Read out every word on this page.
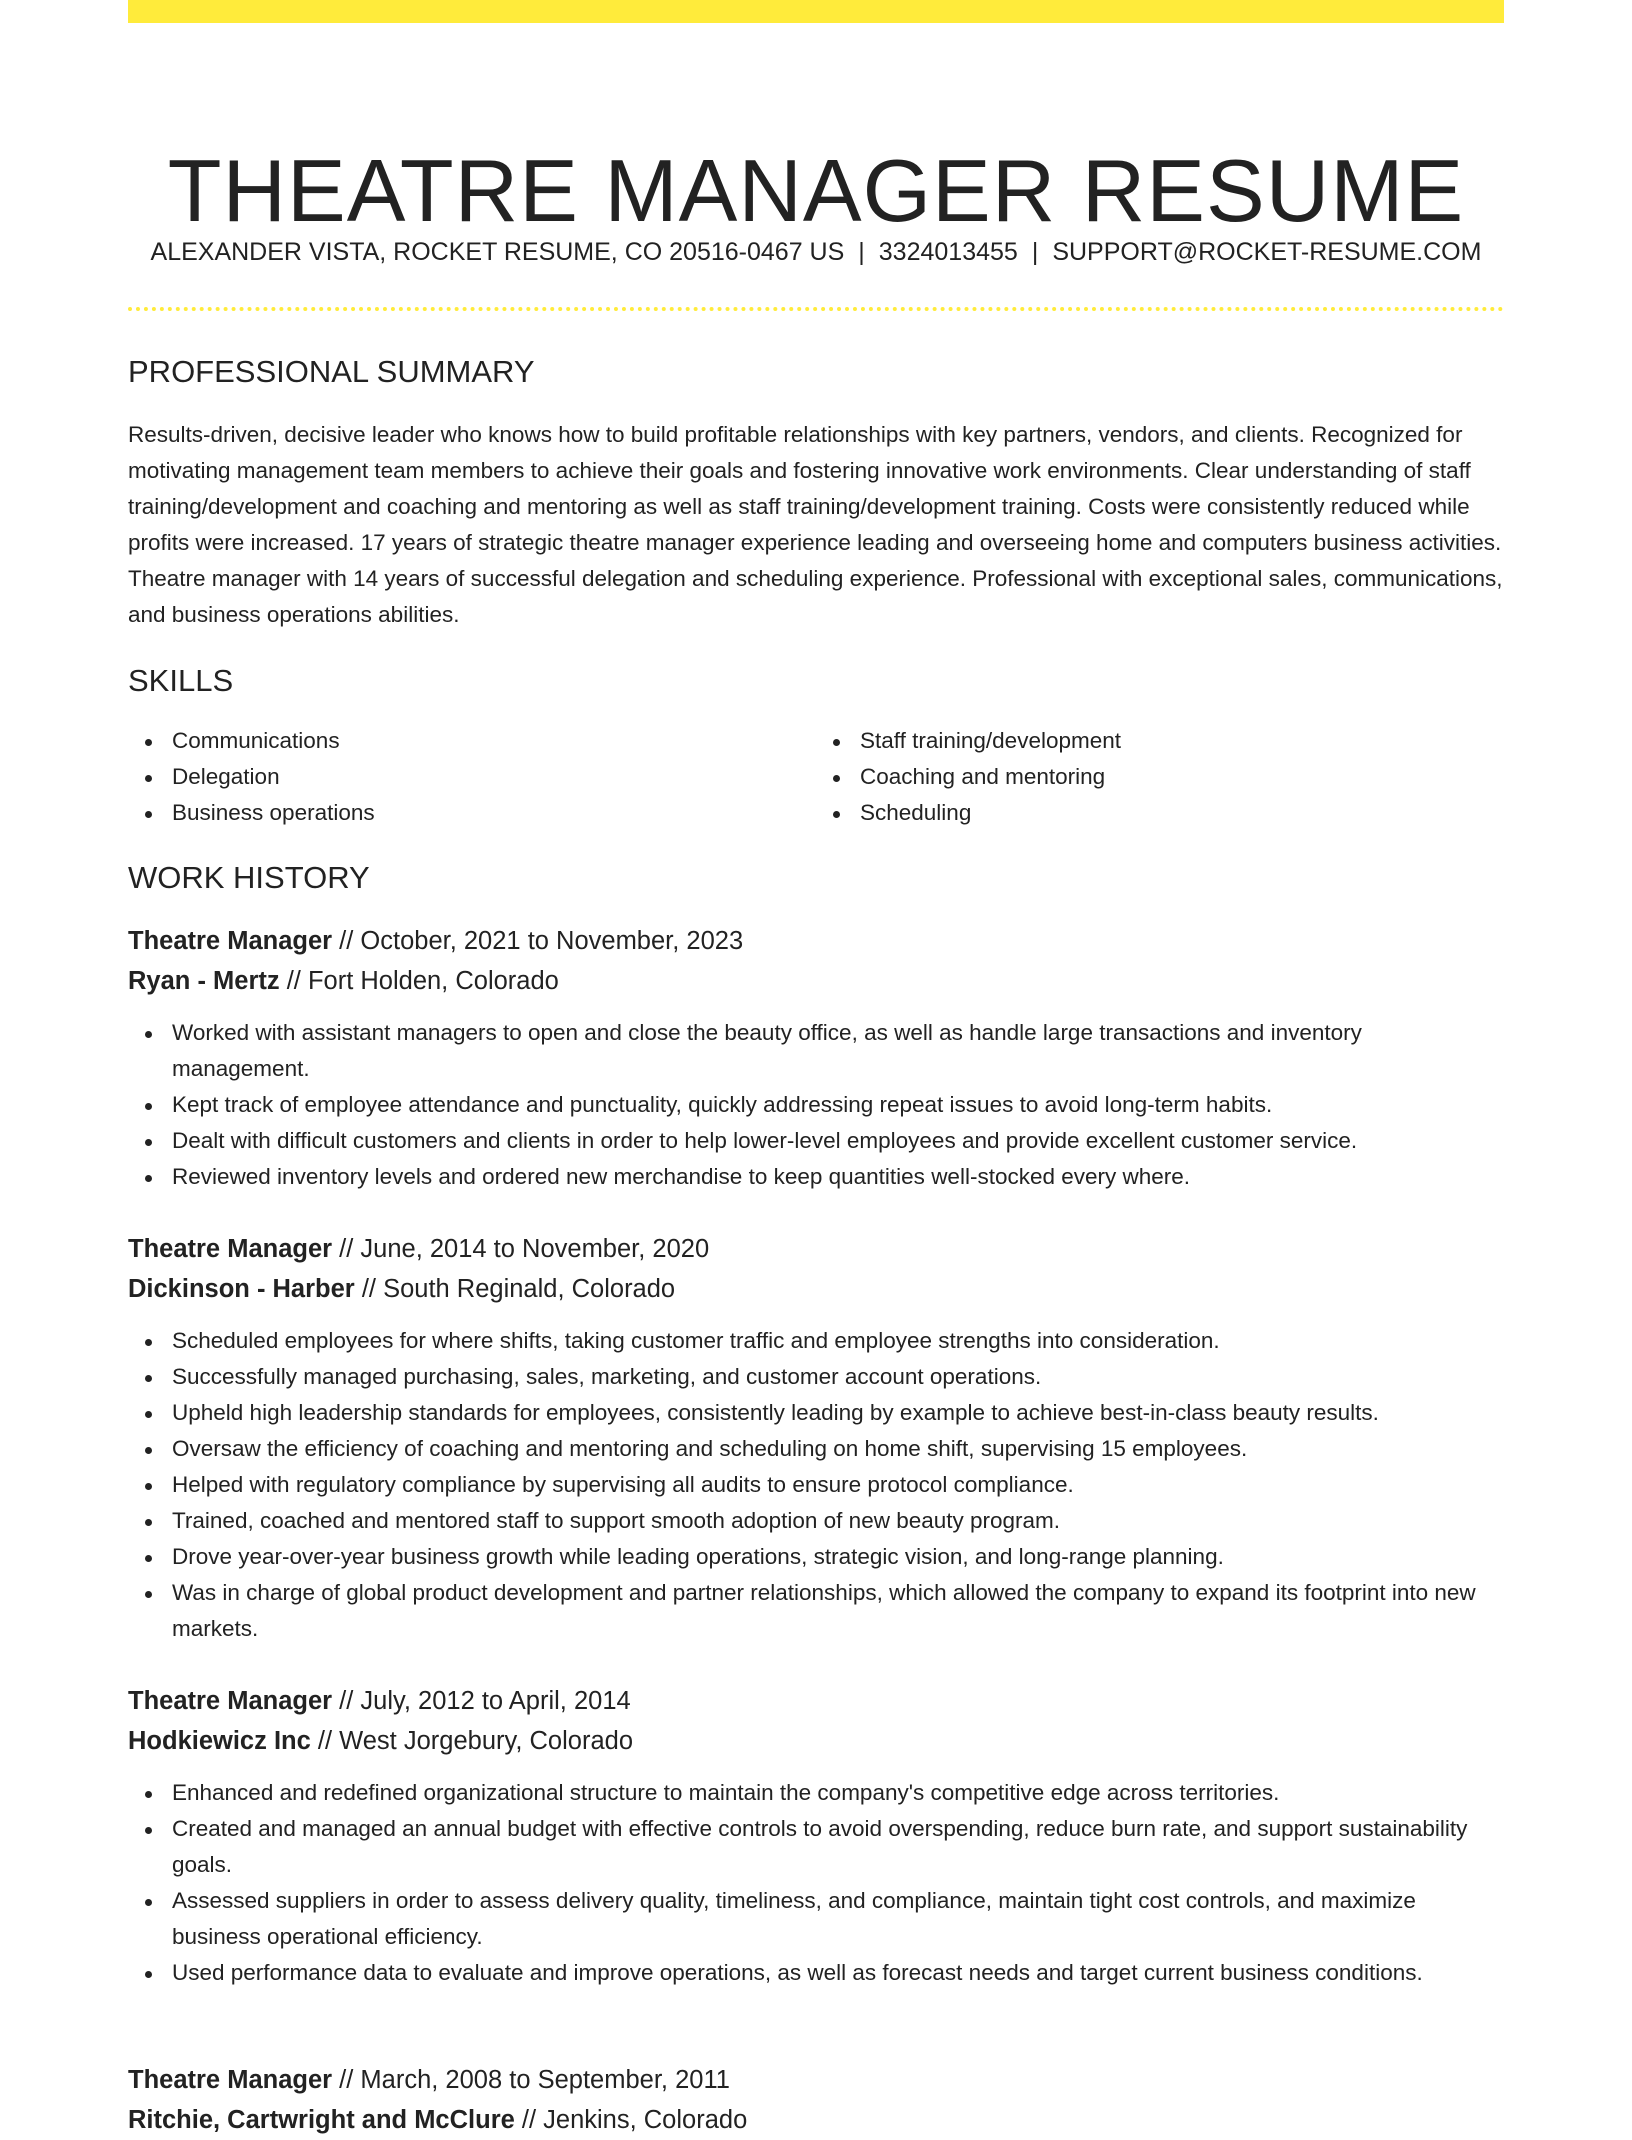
THEATRE MANAGER RESUME
ALEXANDER VISTA, ROCKET RESUME, CO 20516-0467 US | 3324013455 | SUPPORT@ROCKET-RESUME.COM
PROFESSIONAL SUMMARY

Results-driven, decisive leader who knows how to build profitable relationships with key partners, vendors, and clients. Recognized for motivating management team members to achieve their goals and fostering innovative work environments. Clear understanding of staff training/development and coaching and mentoring as well as staff training/development training. Costs were consistently reduced while profits were increased. 17 years of strategic theatre manager experience leading and overseeing home and computers business activities. Theatre manager with 14 years of successful delegation and scheduling experience. Professional with exceptional sales, communications, and business operations abilities.

SKILLS
Communications
Delegation
Business operations
Staff training/development
Coaching and mentoring
Scheduling
WORK HISTORY
Theatre Manager // October, 2021 to November, 2023
Ryan - Mertz // Fort Holden, Colorado
Worked with assistant managers to open and close the beauty office, as well as handle large transactions and inventory management.
Kept track of employee attendance and punctuality, quickly addressing repeat issues to avoid long-term habits.
Dealt with difficult customers and clients in order to help lower-level employees and provide excellent customer service.
Reviewed inventory levels and ordered new merchandise to keep quantities well-stocked every where.
Theatre Manager // June, 2014 to November, 2020
Dickinson - Harber // South Reginald, Colorado
Scheduled employees for where shifts, taking customer traffic and employee strengths into consideration.
Successfully managed purchasing, sales, marketing, and customer account operations.
Upheld high leadership standards for employees, consistently leading by example to achieve best-in-class beauty results.
Oversaw the efficiency of coaching and mentoring and scheduling on home shift, supervising 15 employees.
Helped with regulatory compliance by supervising all audits to ensure protocol compliance.
Trained, coached and mentored staff to support smooth adoption of new beauty program.
Drove year-over-year business growth while leading operations, strategic vision, and long-range planning.
Was in charge of global product development and partner relationships, which allowed the company to expand its footprint into new markets.
Theatre Manager // July, 2012 to April, 2014
Hodkiewicz Inc // West Jorgebury, Colorado
Enhanced and redefined organizational structure to maintain the company's competitive edge across territories.
Created and managed an annual budget with effective controls to avoid overspending, reduce burn rate, and support sustainability goals.
Assessed suppliers in order to assess delivery quality, timeliness, and compliance, maintain tight cost controls, and maximize business operational efficiency.
Used performance data to evaluate and improve operations, as well as forecast needs and target current business conditions.
Theatre Manager // March, 2008 to September, 2011
Ritchie, Cartwright and McClure // Jenkins, Colorado
